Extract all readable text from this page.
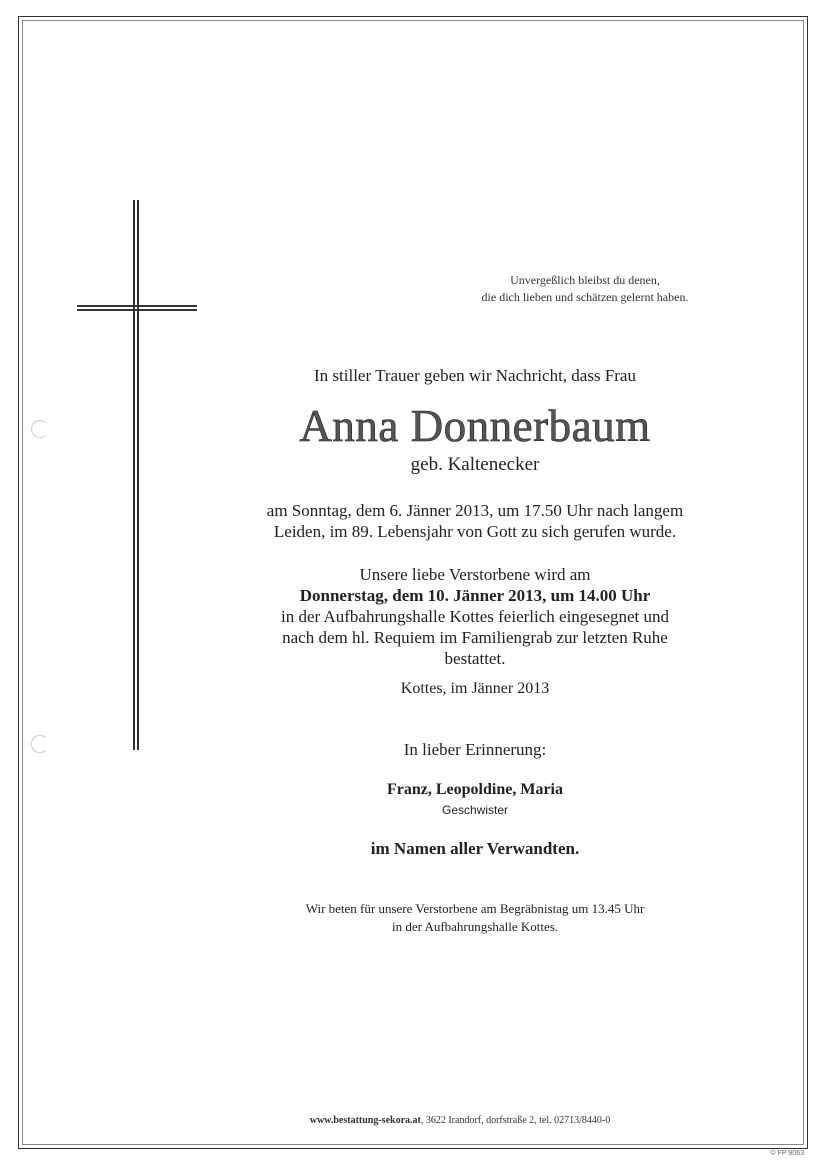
Unvergeßlich bleibst du denen,
die dich lieben und schätzen gelernt haben.
In stiller Trauer geben wir Nachricht, dass Frau
Anna Donnerbaum
geb. Kaltenecker
am Sonntag, dem 6. Jänner 2013, um 17.50 Uhr nach langem
Leiden, im 89. Lebensjahr von Gott zu sich gerufen wurde.
Unsere liebe Verstorbene wird am
Donnerstag, dem 10. Jänner 2013, um 14.00 Uhr
in der Aufbahrungshalle Kottes feierlich eingesegnet und
nach dem hl. Requiem im Familiengrab zur letzten Ruhe
bestattet.
Kottes, im Jänner 2013
In lieber Erinnerung:
Franz, Leopoldine, Maria
Geschwister
im Namen aller Verwandten.
Wir beten für unsere Verstorbene am Begräbnistag um 13.45 Uhr
in der Aufbahrungshalle Kottes.
www.bestattung-sekora.at, 3622 Irandorf, dorfstraße 2, tel. 02713/8440-0
© FP 9063
